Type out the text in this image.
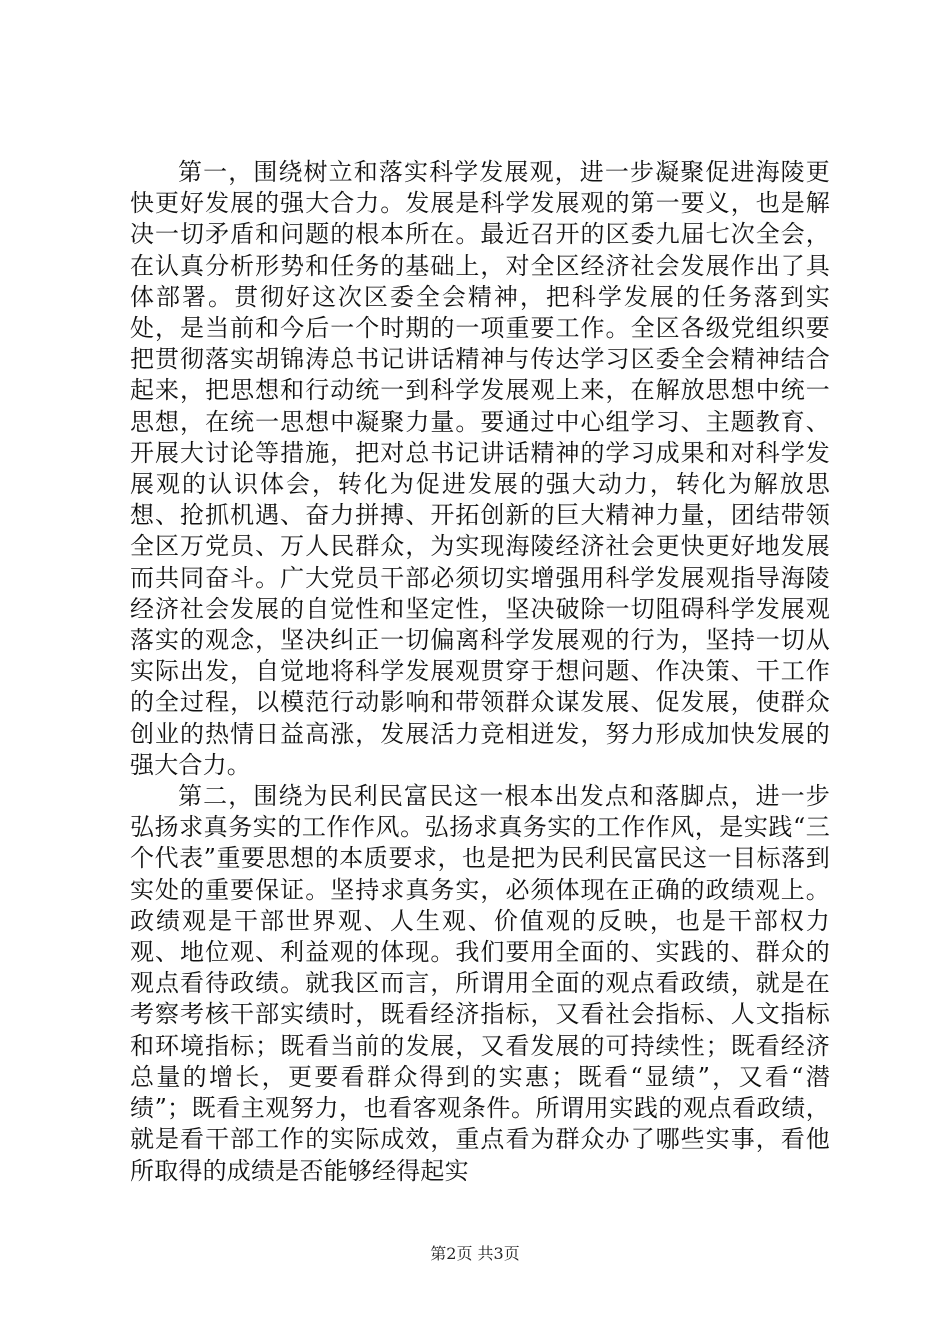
第一，围绕树立和落实科学发展观，进一步凝聚促进海陵更快更好发展的强大合力。发展是科学发展观的第一要义，也是解决一切矛盾和问题的根本所在。最近召开的区委九届七次全会，在认真分析形势和任务的基础上，对全区经济社会发展作出了具体部署。贯彻好这次区委全会精神，把科学发展的任务落到实处，是当前和今后一个时期的一项重要工作。全区各级党组织要把贯彻落实胡锦涛总书记讲话精神与传达学习区委全会精神结合起来，把思想和行动统一到科学发展观上来，在解放思想中统一思想，在统一思想中凝聚力量。要通过中心组学习、主题教育、开展大讨论等措施，把对总书记讲话精神的学习成果和对科学发展观的认识体会，转化为促进发展的强大动力，转化为解放思想、抢抓机遇、奋力拼搏、开拓创新的巨大精神力量，团结带领全区万党员、万人民群众，为实现海陵经济社会更快更好地发展而共同奋斗。广大党员干部必须切实增强用科学发展观指导海陵经济社会发展的自觉性和坚定性，坚决破除一切阻碍科学发展观落实的观念，坚决纠正一切偏离科学发展观的行为，坚持一切从实际出发，自觉地将科学发展观贯穿于想问题、作决策、干工作的全过程，以模范行动影响和带领群众谋发展、促发展，使群众创业的热情日益高涨，发展活力竞相迸发，努力形成加快发展的强大合力。

第二，围绕为民利民富民这一根本出发点和落脚点，进一步弘扬求真务实的工作作风。弘扬求真务实的工作作风，是实践“三个代表”重要思想的本质要求，也是把为民利民富民这一目标落到实处的重要保证。坚持求真务实，必须体现在正确的政绩观上。政绩观是干部世界观、人生观、价值观的反映，也是干部权力观、地位观、利益观的体现。我们要用全面的、实践的、群众的观点看待政绩。就我区而言，所谓用全面的观点看政绩，就是在考察考核干部实绩时，既看经济指标，又看社会指标、人文指标和环境指标；既看当前的发展，又看发展的可持续性；既看经济总量的增长，更要看群众得到的实惠；既看“显绩”，又看“潜绩”；既看主观努力，也看客观条件。所谓用实践的观点看政绩，就是看干部工作的实际成效，重点看为群众办了哪些实事，看他所取得的成绩是否能够经得起实

第2页 共3页
